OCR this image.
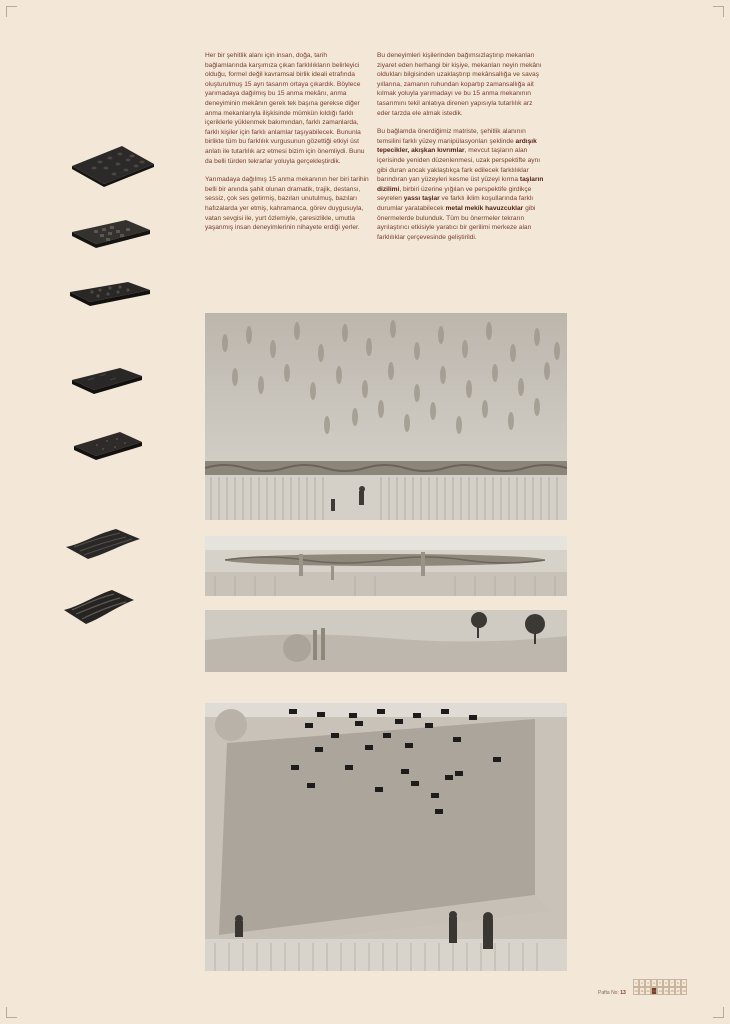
Her bir şehitlik alanı için insan, doğa, tarih bağlamlarında karşımıza çıkan farklılıkların belirleyici olduğu, formel değil kavramsal birlik ideali etrafında oluşturulmuş 15 ayrı tasarım ortaya çıkardık. Böylece yarımadaya dağılmış bu 15 anma mekânı, anma deneyiminin mekânın gerek tek başına gerekse diğer anma mekanlarıyla ilişkisinde mümkün kıldığı farklı içeriklerle yüklenmek bakımından, farklı zamanlarda, farklı kişiler için farklı anlamlar taşıyabilecek. Bununla birlikte tüm bu farklılık vurgusunun gözettiği etkiyi üst anlatı ile tutarlılık arz etmesi bizim için önemliydi. Bunu da belli türden tekrarlar yoluyla gerçekleştirdik.

Yarımadaya dağılmış 15 anma mekanının her biri tarihin belli bir anında şahit olunan dramatik, trajik, destansı, sessiz, çok ses getirmiş, bazıları unutulmuş, bazıları hafızalarda yer etmiş, kahramanca, görev duygusuyla, vatan sevgisi ile, yurt özlemiyle, çaresizlikle, umutla yaşanmış insan deneyimlerinin nihayete erdiği yerler.

Bu deneyimleri kişilerinden bağımsızlaştırıp mekanları ziyaret eden herhangi bir kişiye, mekanları neyin mekânı oldukları bilgisinden uzaklaştırıp mekânsallığa ve savaş yıllarına, zamanın ruhundan kopartıp zamansallığa ait kılmak yoluyla yarımadayı ve bu 15 anma mekanının tasarımını tekil anlatıya direnen yapısıyla tutarlılık arz eder tarzda ele almak istedik.

Bu bağlamda önerdiğimiz matriste, şehitlik alanının temsilini farklı yüzey manipülasyonları şeklinde ardışık tepecikler, akışkan kıvrımlar, mevcut taşların alan içerisinde yeniden düzenlenmesi, uzak perspektifte aynı gibi duran ancak yaklaştıkça fark edilecek farklılıklar barındıran yan yüzeyleri kesme üst yüzeyi kırma taşların dizilimi, birbiri üzerine yığılan ve perspektife girdikçe seyrelen yassı taşlar ve farklı iklim koşullarında farklı durumlar yaratabilecek metal mekik havuzcuklar gibi önermelerde bulunduk. Tüm bu önermeler tekrarın ayrılaştırıcı etkisiyle yaratıcı bir gerilimi merkeze alan farklılıklar çerçevesinde geliştirildi.

Pafta No: 13
1	2	3	4	5	6	7	8	9
10 11 12 13 14 15 16 17 18
